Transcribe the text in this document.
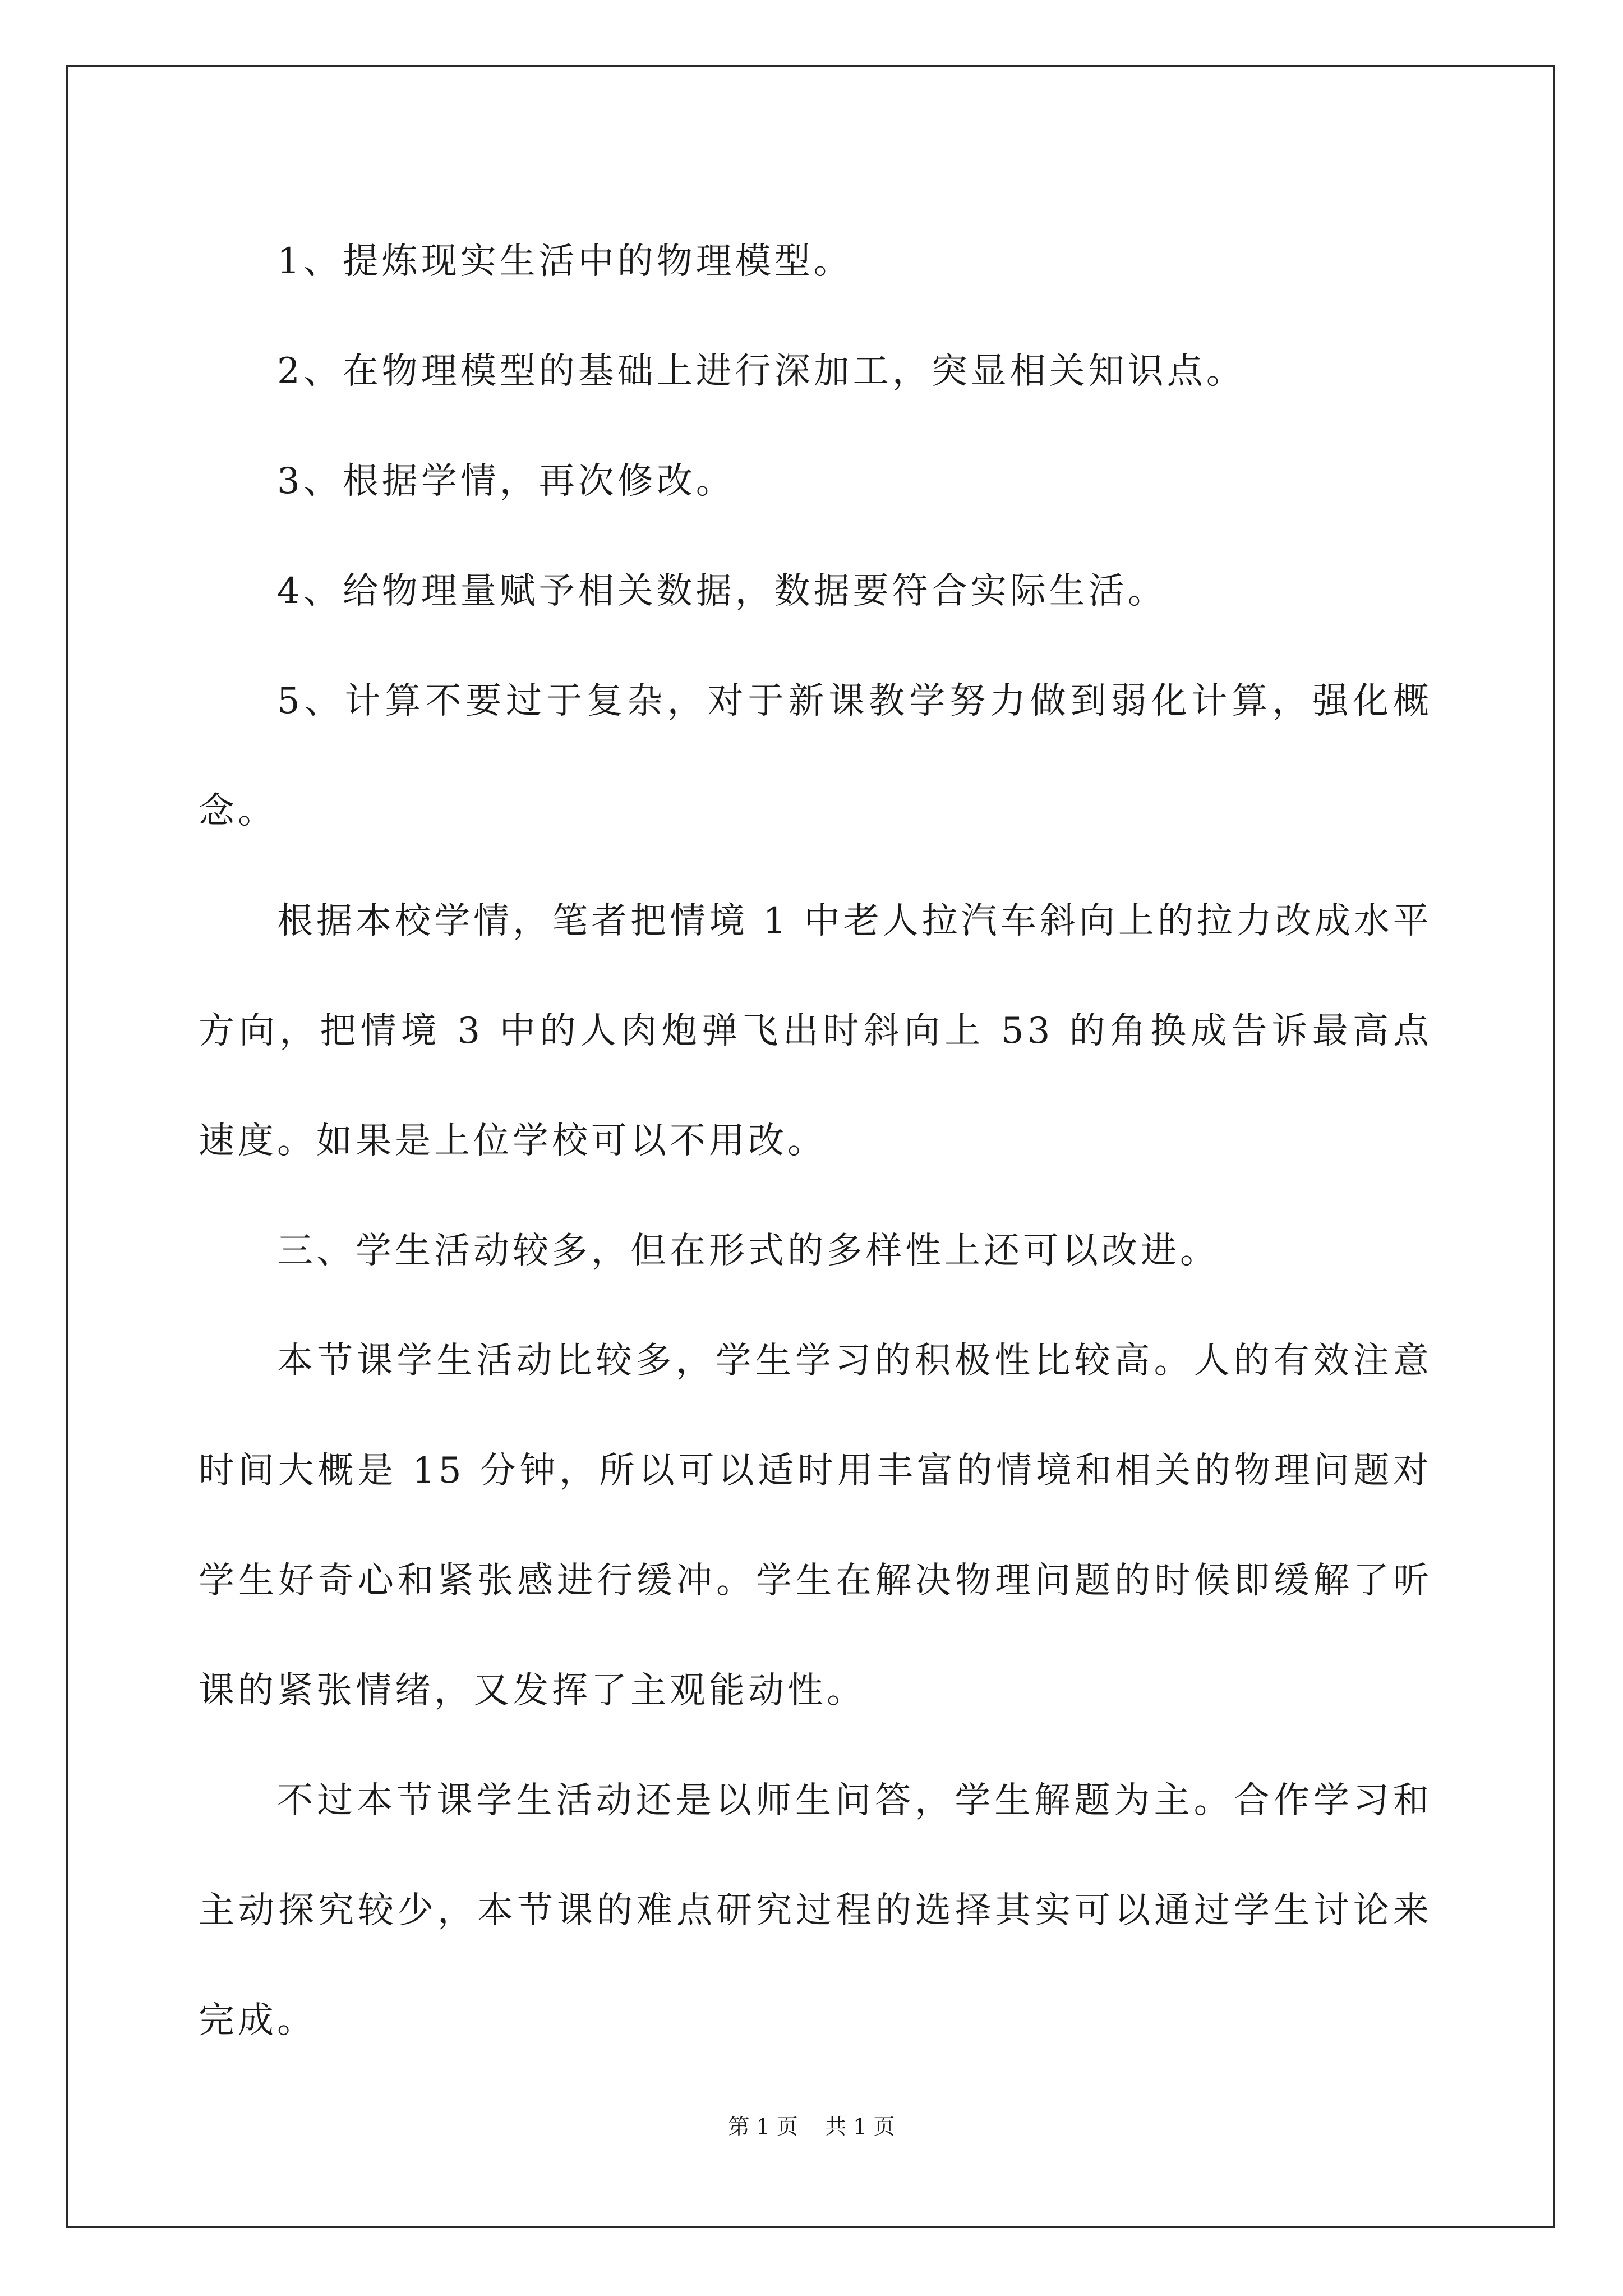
1、提炼现实生活中的物理模型。

2、在物理模型的基础上进行深加工，突显相关知识点。

3、根据学情，再次修改。

4、给物理量赋予相关数据，数据要符合实际生活。

5、计算不要过于复杂，对于新课教学努力做到弱化计算，强化概念。

根据本校学情，笔者把情境 1 中老人拉汽车斜向上的拉力改成水平方向，把情境 3 中的人肉炮弹飞出时斜向上 53 的角换成告诉最高点速度。如果是上位学校可以不用改。

三、学生活动较多，但在形式的多样性上还可以改进。

本节课学生活动比较多，学生学习的积极性比较高。人的有效注意时间大概是 15 分钟，所以可以适时用丰富的情境和相关的物理问题对学生好奇心和紧张感进行缓冲。学生在解决物理问题的时候即缓解了听课的紧张情绪，又发挥了主观能动性。

不过本节课学生活动还是以师生问答，学生解题为主。合作学习和主动探究较少，本节课的难点研究过程的选择其实可以通过学生讨论来完成。

第 1 页    共 1 页
